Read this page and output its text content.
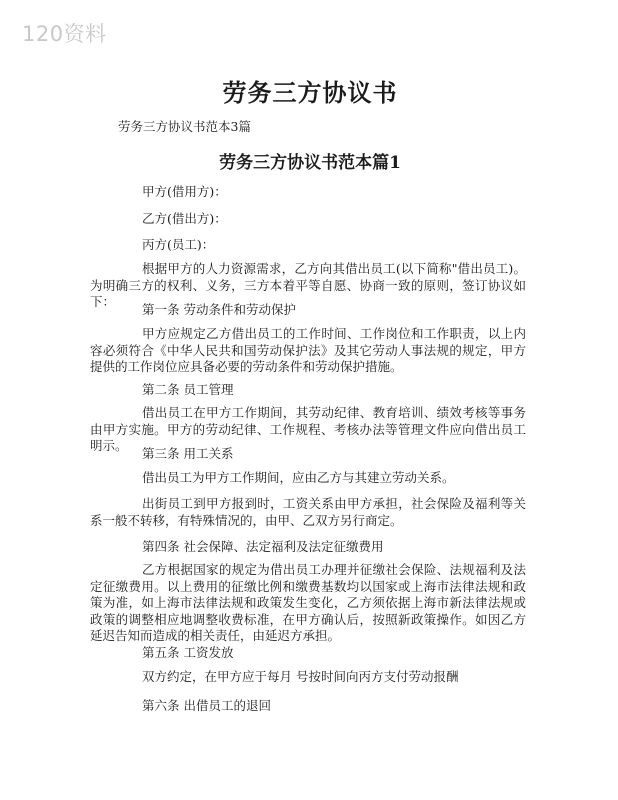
120资料
劳务三方协议书
劳务三方协议书范本3篇
劳务三方协议书范本篇1
甲方(借用方)：
乙方(借出方)：
丙方(员工)：
根据甲方的人力资源需求，乙方向其借出员工(以下简称"借出员工)。为明确三方的权利、义务，三方本着平等自愿、协商一致的原则，签订协议如下：
第一条 劳动条件和劳动保护
甲方应规定乙方借出员工的工作时间、工作岗位和工作职责，以上内容必须符合《中华人民共和国劳动保护法》及其它劳动人事法规的规定，甲方提供的工作岗位应具备必要的劳动条件和劳动保护措施。
第二条 员工管理
借出员工在甲方工作期间，其劳动纪律、教育培训、绩效考核等事务由甲方实施。甲方的劳动纪律、工作规程、考核办法等管理文件应向借出员工明示。
第三条 用工关系
借出员工为甲方工作期间，应由乙方与其建立劳动关系。
出街员工到甲方报到时，工资关系由甲方承担，社会保险及福利等关系一般不转移，有特殊情况的，由甲、乙双方另行商定。
第四条 社会保障、法定福利及法定征缴费用
乙方根据国家的规定为借出员工办理并征缴社会保险、法规福利及法定征缴费用。以上费用的征缴比例和缴费基数均以国家或上海市法律法规和政策为准，如上海市法律法规和政策发生变化，乙方须依据上海市新法律法规或政策的调整相应地调整收费标准，在甲方确认后，按照新政策操作。如因乙方延迟告知而造成的相关责任，由延迟方承担。
第五条 工资发放
双方约定，在甲方应于每月 号按时间向丙方支付劳动报酬
第六条 出借员工的退回
